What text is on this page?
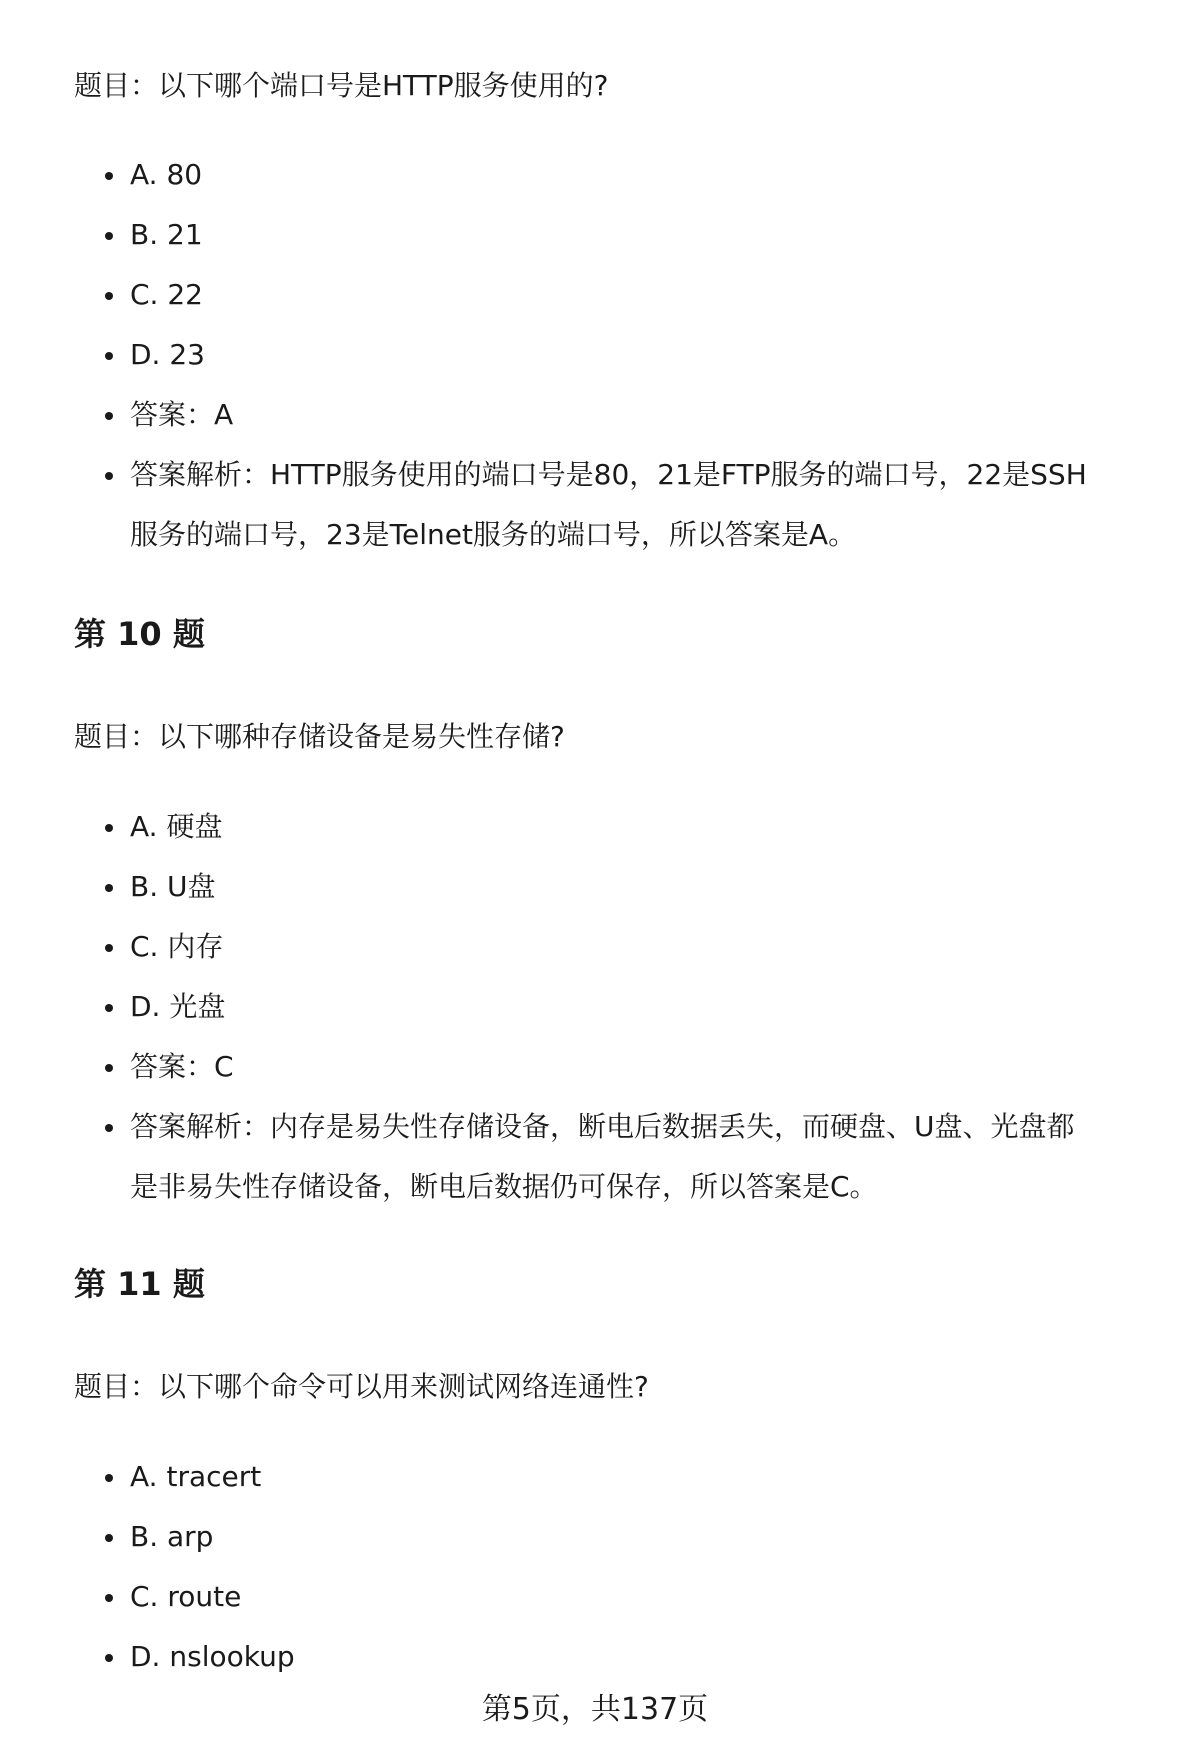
题目：以下哪个端口号是HTTP服务使用的?

A. 80
B. 21
C. 22
D. 23
答案：A
答案解析：HTTP服务使用的端口号是80，21是FTP服务的端口号，22是SSH
服务的端口号，23是Telnet服务的端口号，所以答案是A。
第 10 题

题目：以下哪种存储设备是易失性存储?

A. 硬盘
B. U盘
C. 内存
D. 光盘
答案：C
答案解析：内存是易失性存储设备，断电后数据丢失，而硬盘、U盘、光盘都
是非易失性存储设备，断电后数据仍可保存，所以答案是C。
第 11 题

题目：以下哪个命令可以用来测试网络连通性?

A. tracert
B. arp
C. route
D. nslookup
第5页，共137页
